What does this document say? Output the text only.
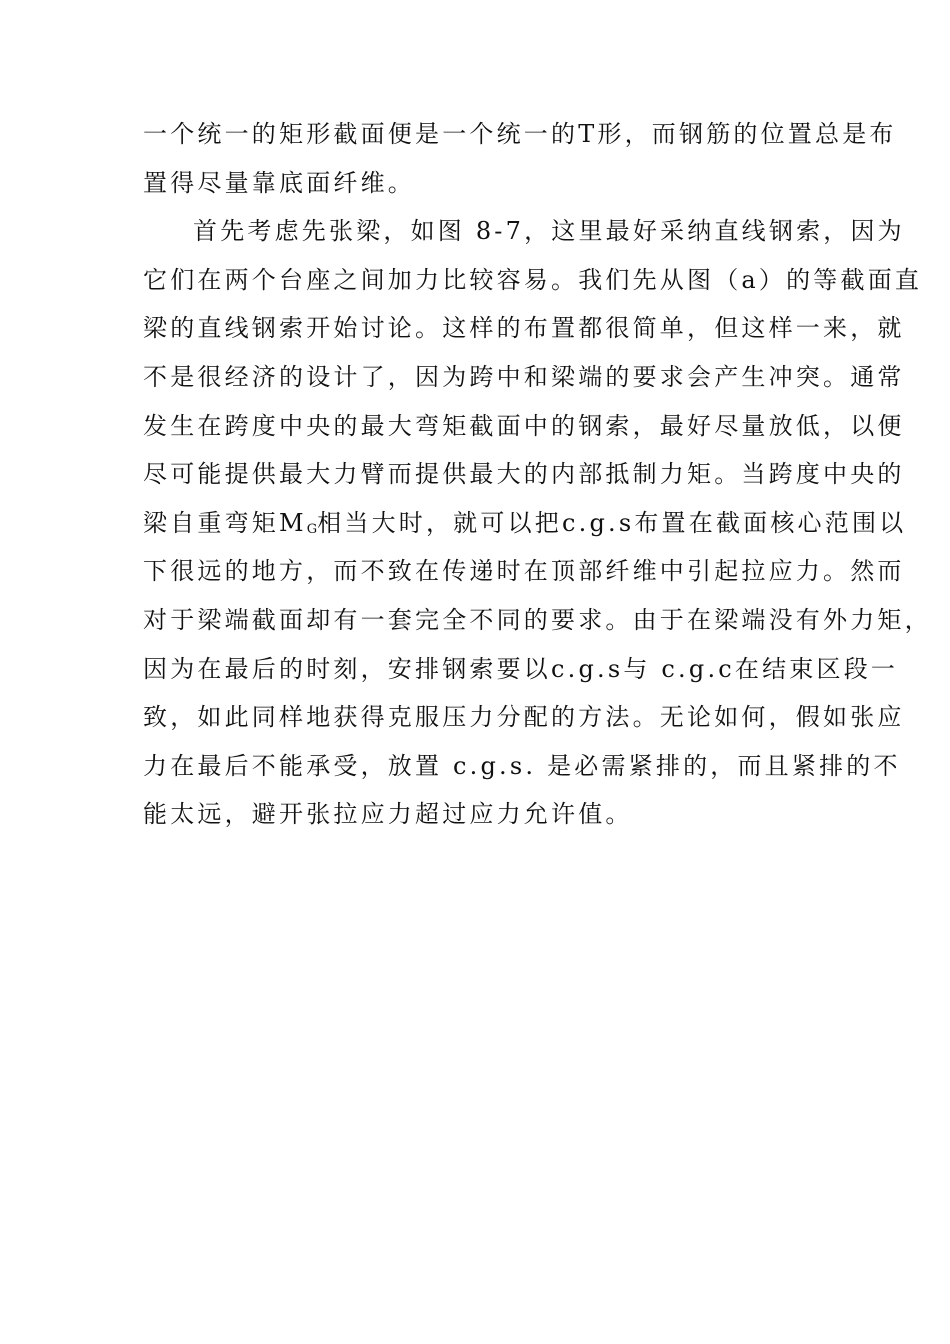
一个统一的矩形截面便是一个统一的T形，而钢筋的位置总是布
置得尽量靠底面纤维。
首先考虑先张梁，如图 8-7，这里最好采纳直线钢索，因为
它们在两个台座之间加力比较容易。我们先从图（a）的等截面直
梁的直线钢索开始讨论。这样的布置都很简单，但这样一来，就
不是很经济的设计了，因为跨中和梁端的要求会产生冲突。通常
发生在跨度中央的最大弯矩截面中的钢索，最好尽量放低，以便
尽可能提供最大力臂而提供最大的内部抵制力矩。当跨度中央的
梁自重弯矩$M_G$相当大时，就可以把c.g.s布置在截面核心范围以
下很远的地方，而不致在传递时在顶部纤维中引起拉应力。然而
对于梁端截面却有一套完全不同的要求。由于在梁端没有外力矩，
因为在最后的时刻，安排钢索要以c.g.s与 c.g.c在结束区段一
致，如此同样地获得克服压力分配的方法。无论如何，假如张应
力在最后不能承受，放置 c.g.s. 是必需紧排的，而且紧排的不
能太远，避开张拉应力超过应力允许值。
